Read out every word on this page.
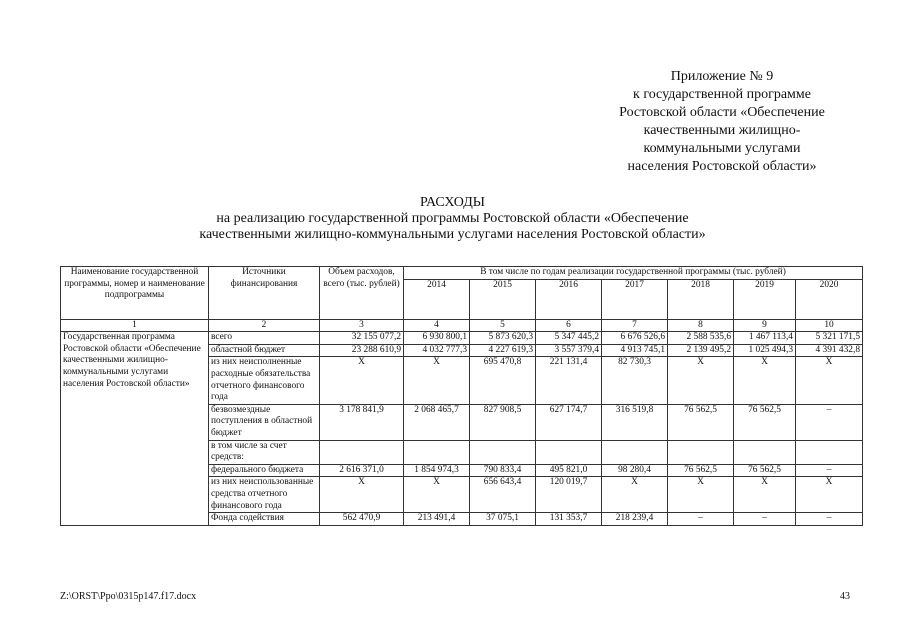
Приложение № 9
к государственной программе
Ростовской области «Обеспечение
качественными жилищно-
коммунальными услугами
населения Ростовской области»
РАСХОДЫ
на реализацию государственной программы Ростовской области «Обеспечение
качественными жилищно-коммунальными услугами населения Ростовской области»
Наименование государственной программы, номер и наименование подпрограммы	Источники финансирования	Объем расходов, всего (тыс. рублей)	В том числе по годам реализации государственной программы (тыс. рублей)						
			2014	2015	2016	2017	2018	2019	2020
1	2	3	4	5	6	7	8	9	10
Государственная программа Ростовской области «Обеспечение качественными жилищно-коммунальными услугами населения Ростовской области»	всего	32 155 077,2	6 930 800,1	5 873 620,3	5 347 445,2	6 676 526,6	2 588 535,6	1 467 113,4	5 321 171,5
	областной бюджет	23 288 610,9	4 032 777,3	4 227 619,3	3 557 379,4	4 913 745,1	2 139 495,2	1 025 494,3	4 391 432,8
	из них неисполненные расходные обязательства отчетного финансового года	Х	Х	695 470,8	221 131,4	82 730,3	Х	Х	Х
	безвозмездные поступления в областной бюджет	3 178 841,9	2 068 465,7	827 908,5	627 174,7	316 519,8	76 562,5	76 562,5	–
	в том числе за счет средств:								
	федерального бюджета	2 616 371,0	1 854 974,3	790 833,4	495 821,0	98 280,4	76 562,5	76 562,5	–
	из них неиспользованные средства отчетного финансового года	Х	Х	656 643,4	120 019,7	Х	Х	Х	Х
	Фонда содействия	562 470,9	213 491,4	37 075,1	131 353,7	218 239,4	–	–	–
Z:\ORST\Ppo\0315p147.f17.docx	43
